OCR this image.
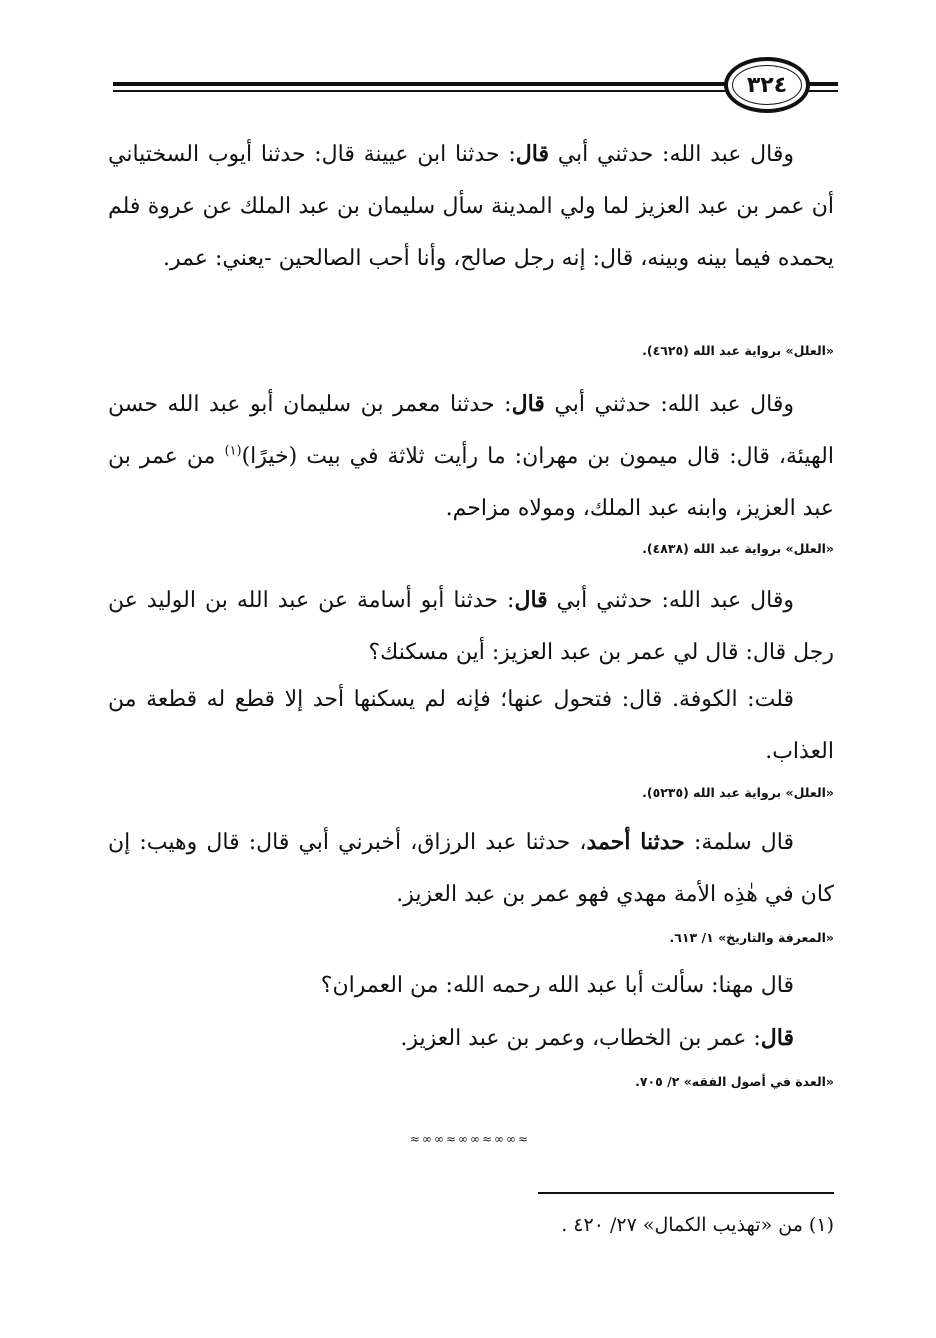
٣٢٤

وقال عبد الله: حدثني أبي قال: حدثنا ابن عيينة قال: حدثنا أيوب السختياني أن عمر بن عبد العزيز لما ولي المدينة سأل سليمان بن عبد الملك عن عروة فلم يحمده فيما بينه وبينه، قال: إنه رجل صالح، وأنا أحب الصالحين -يعني: عمر.

«العلل» برواية عبد الله (٤٦٢٥).

وقال عبد الله: حدثني أبي قال: حدثنا معمر بن سليمان أبو عبد الله حسن الهيئة، قال: قال ميمون بن مهران: ما رأيت ثلاثة في بيت (خيرًا)$^{(١)}$ من عمر بن عبد العزيز، وابنه عبد الملك، ومولاه مزاحم.

«العلل» برواية عبد الله (٤٨٣٨).

وقال عبد الله: حدثني أبي قال: حدثنا أبو أسامة عن عبد الله بن الوليد عن رجل قال: قال لي عمر بن عبد العزيز: أين مسكنك؟

قلت: الكوفة. قال: فتحول عنها؛ فإنه لم يسكنها أحد إلا قطع له قطعة من العذاب.

«العلل» برواية عبد الله (٥٢٣٥).

قال سلمة: حدثنا أحمد، حدثنا عبد الرزاق، أخبرني أبي قال: قال وهيب: إن كان في هٰذِه الأمة مهدي فهو عمر بن عبد العزيز.

«المعرفة والتاريخ» ١/ ٦١٣.

قال مهنا: سألت أبا عبد الله رحمه الله: من العمران؟

قال: عمر بن الخطاب، وعمر بن عبد العزيز.

«العدة في أصول الفقه» ٢/ ٧٠٥.

≈∞∞≈∞∞≈∞∞≈

(١) من «تهذيب الكمال» ٢٧/ ٤٢٠ .
